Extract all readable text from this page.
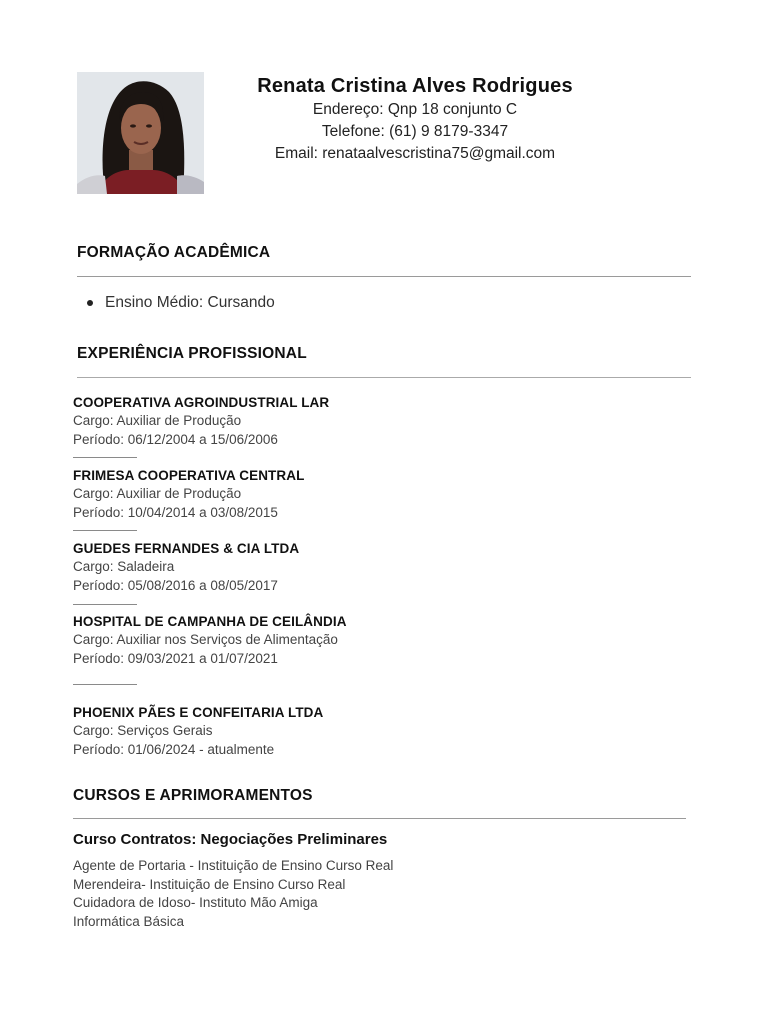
Renata Cristina Alves Rodrigues
Endereço: Qnp 18 conjunto C
Telefone: (61) 9 8179-3347
Email: renataalvescristina75@gmail.com
FORMAÇÃO ACADÊMICA
Ensino Médio: Cursando
EXPERIÊNCIA PROFISSIONAL
COOPERATIVA AGROINDUSTRIAL LAR
Cargo: Auxiliar de Produção
Período: 06/12/2004 a 15/06/2006
FRIMESA COOPERATIVA CENTRAL
Cargo: Auxiliar de Produção
Período: 10/04/2014 a 03/08/2015
GUEDES FERNANDES & CIA LTDA
Cargo: Saladeira
Período: 05/08/2016 a 08/05/2017
HOSPITAL DE CAMPANHA DE CEILÂNDIA
Cargo: Auxiliar nos Serviços de Alimentação
Período: 09/03/2021 a 01/07/2021
PHOENIX PÃES E CONFEITARIA LTDA
Cargo: Serviços Gerais
Período: 01/06/2024 - atualmente
CURSOS E APRIMORAMENTOS
Curso Contratos: Negociações Preliminares
Agente de Portaria - Instituição de Ensino Curso Real
Merendeira- Instituição de Ensino Curso Real
Cuidadora de Idoso- Instituto Mão Amiga
Informática Básica
